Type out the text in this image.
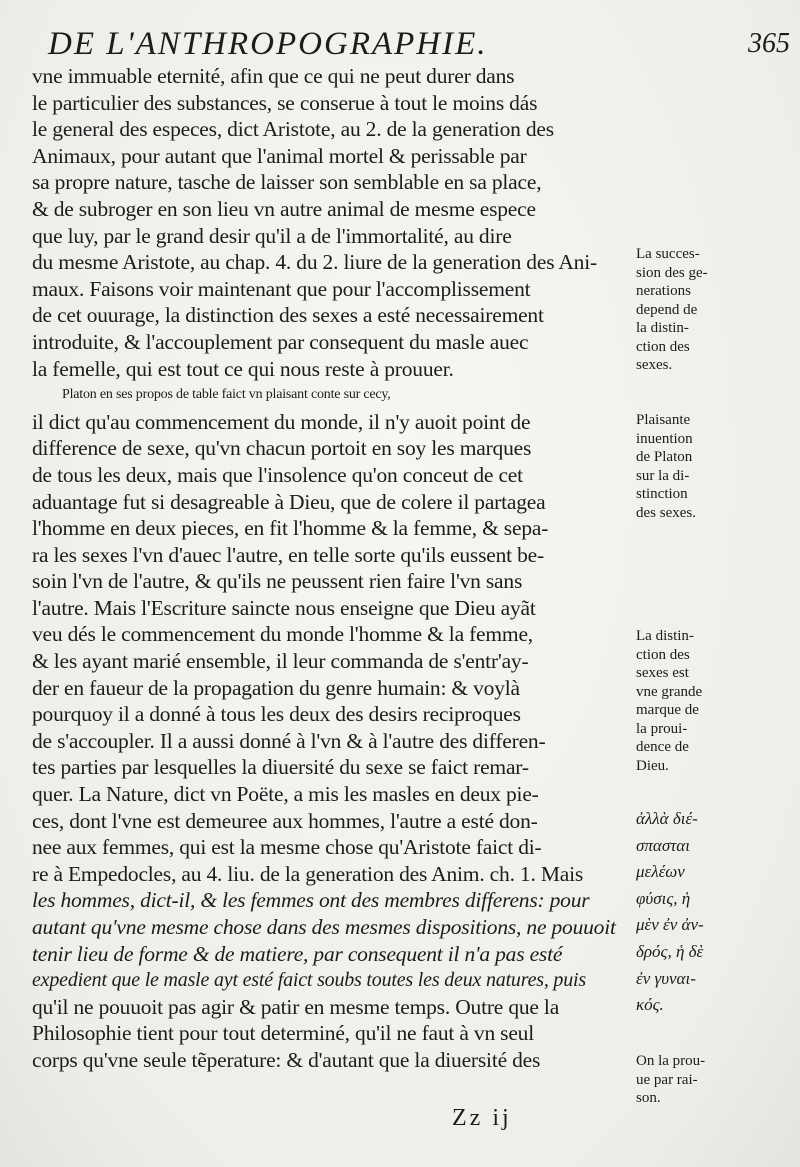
DE L'ANTHROPOGRAPHIE.	365
vne immuable eternité, afin que ce qui ne peut durer dans
le particulier des substances, se conserue à tout le moins dás
le general des especes, dict Aristote, au 2. de la generation des
Animaux, pour autant que l'animal mortel & perissable par
sa propre nature, tasche de laisser son semblable en sa place,
& de subroger en son lieu vn autre animal de mesme espece
que luy, par le grand desir qu'il a de l'immortalité, au dire
du mesme Aristote, au chap. 4. du 2. liure de la generation des Ani-
maux. Faisons voir maintenant que pour l'accomplissement
de cet ouurage, la distinction des sexes a esté necessairement
introduite, & l'accouplement par consequent du masle auec
la femelle, qui est tout ce qui nous reste à prouuer.
Platon en ses propos de table faict vn plaisant conte sur cecy,
il dict qu'au commencement du monde, il n'y auoit point de
difference de sexe, qu'vn chacun portoit en soy les marques
de tous les deux, mais que l'insolence qu'on conceut de cet
aduantage fut si desagreable à Dieu, que de colere il partagea
l'homme en deux pieces, en fit l'homme & la femme, & sepa-
ra les sexes l'vn d'auec l'autre, en telle sorte qu'ils eussent be-
soin l'vn de l'autre, & qu'ils ne peussent rien faire l'vn sans
l'autre. Mais l'Escriture saincte nous enseigne que Dieu ayãt
veu dés le commencement du monde l'homme & la femme,
& les ayant marié ensemble, il leur commanda de s'entr'ay-
der en faueur de la propagation du genre humain: & voylà
pourquoy il a donné à tous les deux des desirs reciproques
de s'accoupler. Il a aussi donné à l'vn & à l'autre des differen-
tes parties par lesquelles la diuersité du sexe se faict remar-
quer. La Nature, dict vn Poëte, a mis les masles en deux pie-
ces, dont l'vne est demeuree aux hommes, l'autre a esté don-
nee aux femmes, qui est la mesme chose qu'Aristote faict di-
re à Empedocles, au 4. liu. de la generation des Anim. ch. 1. Mais
les hommes, dict-il, & les femmes ont des membres differens: pour
autant qu'vne mesme chose dans des mesmes dispositions, ne pouuoit
tenir lieu de forme & de matiere, par consequent il n'a pas esté
expedient que le masle ayt esté faict soubs toutes les deux natures, puis
qu'il ne pouuoit pas agir & patir en mesme temps. Outre que la
Philosophie tient pour tout determiné, qu'il ne faut à vn seul
corps qu'vne seule tẽperature: & d'autant que la diuersité des
La succes-
sion des ge-
nerations
depend de
la distin-
ction des
sexes.
Plaisante
inuention
de Platon
sur la di-
stinction
des sexes.
La distin-
ction des
sexes est
vne grande
marque de
la proui-
dence de
Dieu.
ἀλλὰ διέ-
σπασται
μελέων
φύσις, ἡ
μὲν ἐν ἀν-
δρός, ἡ δὲ
ἐν γυναι-
κός.
On la prou-
ue par rai-
son.
Zz ij
